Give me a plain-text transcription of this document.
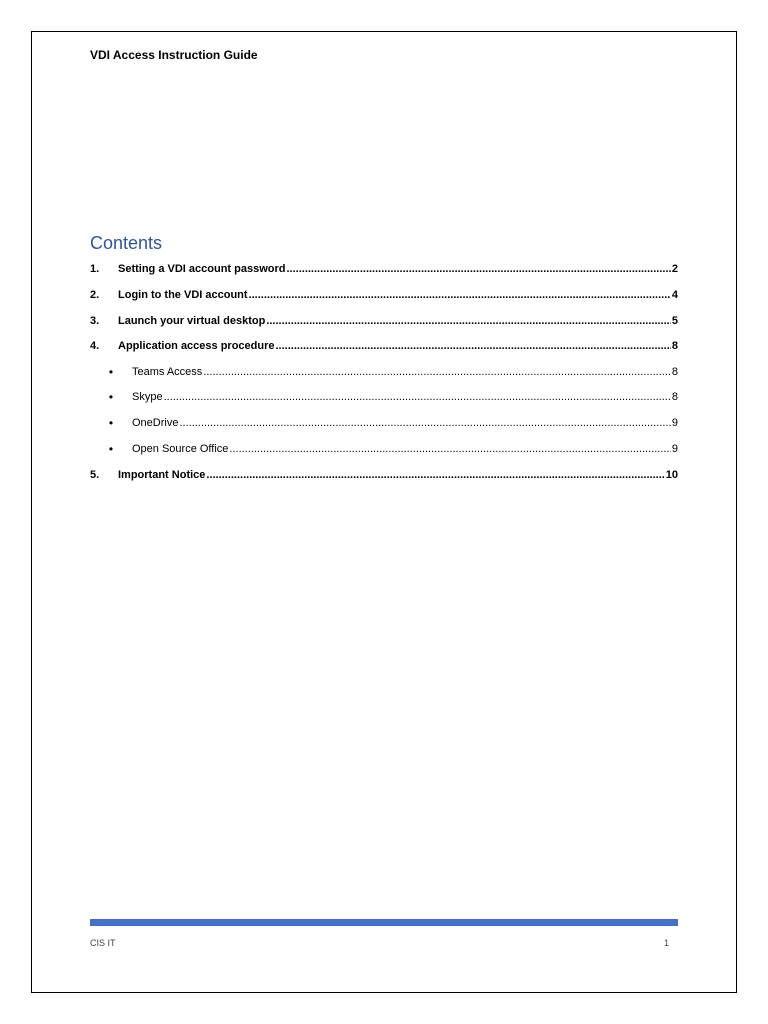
VDI Access Instruction Guide
Contents
1.	Setting a VDI account password .....	2
2.	Login to the VDI account .....	4
3.	Launch your virtual desktop .....	5
4.	Application access procedure .....	8
•	Teams Access .....	8
•	Skype .....	8
•	OneDrive .....	9
•	Open Source Office .....	9
5.	Important Notice .....	10
CIS IT	1
